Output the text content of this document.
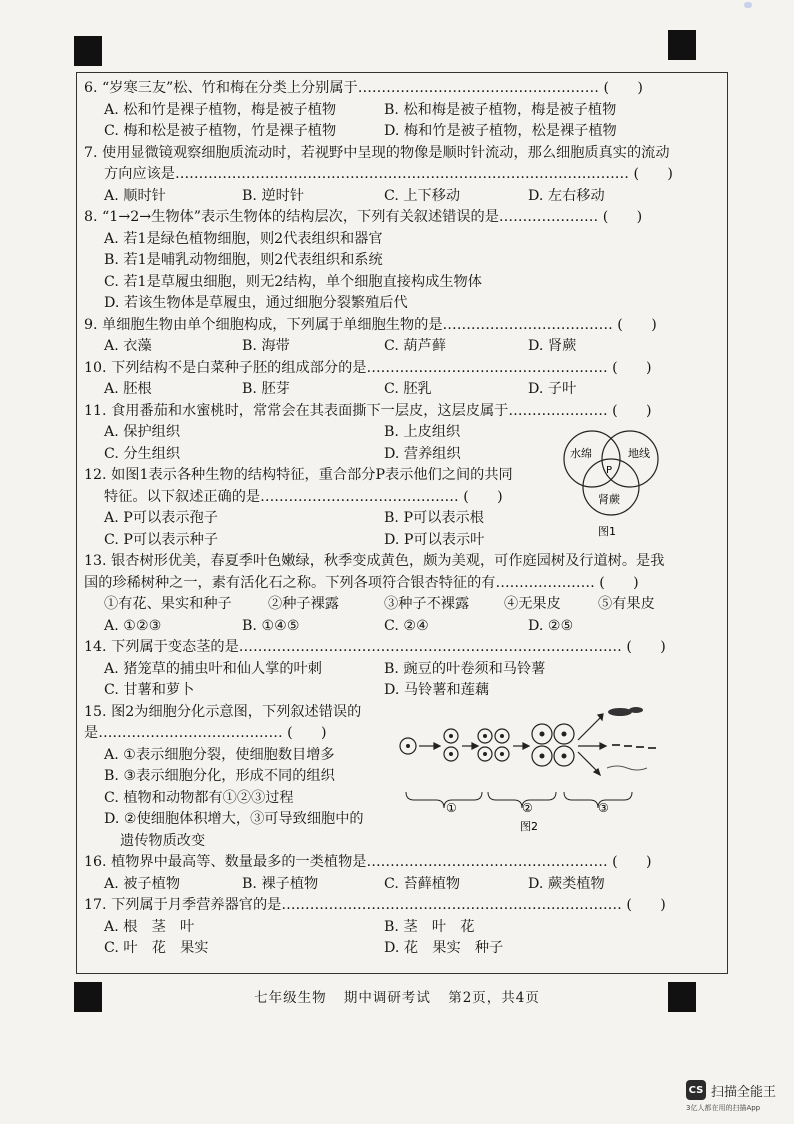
6. “岁寒三友”松、竹和梅在分类上分别属于…………………………………………… (　　)
A. 松和竹是裸子植物，梅是被子植物	B. 松和梅是被子植物，梅是被子植物
C. 梅和松是被子植物，竹是裸子植物	D. 梅和竹是被子植物，松是裸子植物
7. 使用显微镜观察细胞质流动时，若视野中呈现的物像是顺时针流动，那么细胞质真实的流动
方向应该是…………………………………………………………………………………… (　　)
A. 顺时针	B. 逆时针	C. 上下移动	D. 左右移动
8. “1→2→生物体”表示生物体的结构层次，下列有关叙述错误的是………………… (　　)
A. 若1是绿色植物细胞，则2代表组织和器官
B. 若1是哺乳动物细胞，则2代表组织和系统
C. 若1是草履虫细胞，则无2结构，单个细胞直接构成生物体
D. 若该生物体是草履虫，通过细胞分裂繁殖后代
9. 单细胞生物由单个细胞构成，下列属于单细胞生物的是……………………………… (　　)
A. 衣藻	B. 海带	C. 葫芦藓	D. 肾蕨
10. 下列结构不是白菜种子胚的组成部分的是…………………………………………… (　　)
A. 胚根	B. 胚芽	C. 胚乳	D. 子叶
11. 食用番茄和水蜜桃时，常常会在其表面撕下一层皮，这层皮属于………………… (　　)
A. 保护组织	B. 上皮组织
C. 分生组织	D. 营养组织
12. 如图1表示各种生物的结构特征，重合部分P表示他们之间的共同
特征。以下叙述正确的是…………………………………… (　　)
A. P可以表示孢子	B. P可以表示根
C. P可以表示种子	D. P可以表示叶
13. 银杏树形优美，春夏季叶色嫩绿，秋季变成黄色，颇为美观，可作庭园树及行道树。是我
国的珍稀树种之一，素有活化石之称。下列各项符合银杏特征的有………………… (　　)
①有花、果实和种子	②种子裸露	③种子不裸露 ④无果皮	⑤有果皮
A. ①②③	B. ①④⑤	C. ②④	D. ②⑤
14. 下列属于变态茎的是……………………………………………………………………… (　　)
A. 猪笼草的捕虫叶和仙人掌的叶刺	B. 豌豆的叶卷须和马铃薯
C. 甘薯和萝卜	D. 马铃薯和莲藕
15. 图2为细胞分化示意图，下列叙述错误的
是………………………………… (　　)
A. ①表示细胞分裂，使细胞数目增多
B. ③表示细胞分化，形成不同的组织
C. 植物和动物都有①②③过程
D. ②使细胞体积增大，③可导致细胞中的
遗传物质改变
16. 植物界中最高等、数量最多的一类植物是…………………………………………… (　　)
A. 被子植物	B. 裸子植物	C. 苔藓植物	D. 蕨类植物
17. 下列属于月季营养器官的是……………………………………………………………… (　　)
A. 根　茎　叶	B. 茎　叶　花
C. 叶　花　果实	D. 花　果实　种子
水绵	地线
P
肾蕨
图1
①	②	③
图2
七年级生物 期中调研考试 第2页，共4页
CS 扫描全能王
3亿人都在用的扫描App
